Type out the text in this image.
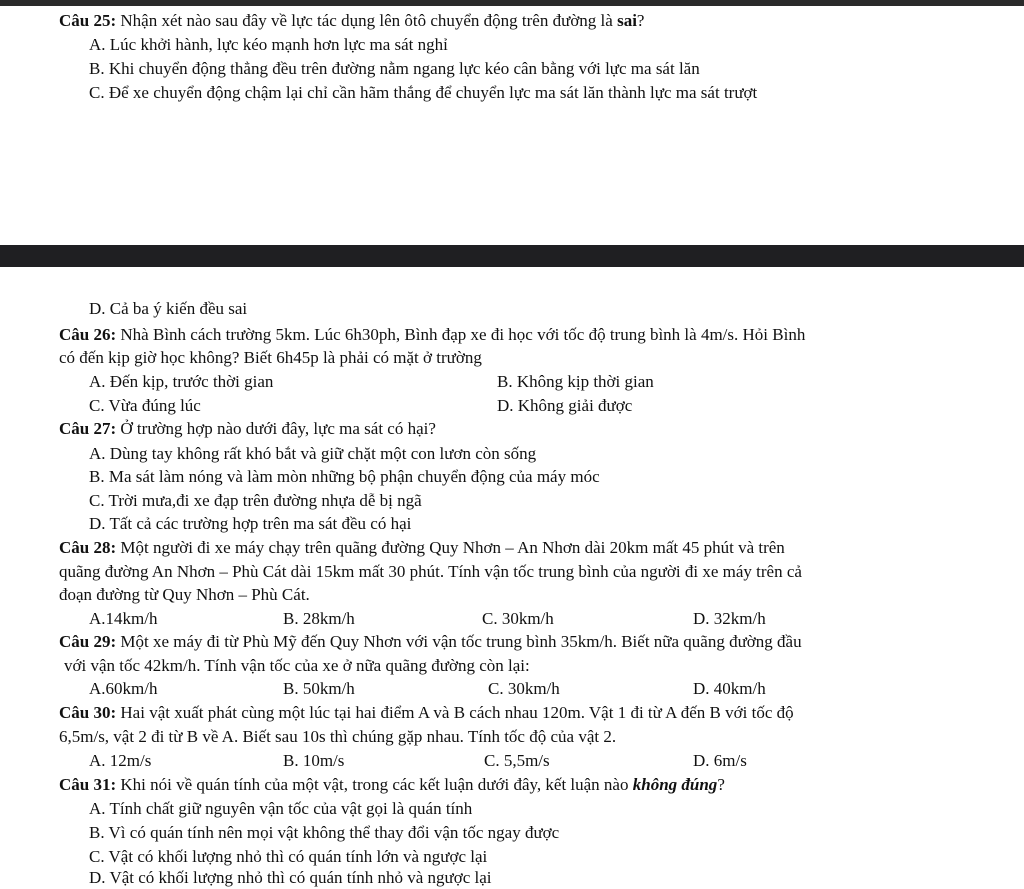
Câu 25: Nhận xét nào sau đây về lực tác dụng lên ôtô chuyển động trên đường là sai?
A. Lúc khởi hành, lực kéo mạnh hơn lực ma sát nghỉ
B. Khi chuyển động thẳng đều trên đường nằm ngang lực kéo cân bằng với lực ma sát lăn
C. Để xe chuyển động chậm lại chỉ cần hãm thắng để chuyển lực ma sát lăn thành lực ma sát trượt
D. Cả ba ý kiến đều sai
Câu 26: Nhà Bình cách trường 5km. Lúc 6h30ph, Bình đạp xe đi học với tốc độ trung bình là 4m/s. Hỏi Bình
có đến kịp giờ học không? Biết 6h45p là phải có mặt ở trường
A. Đến kịp, trước thời gian	B. Không kịp thời gian
C. Vừa đúng lúc	D. Không giải được
Câu 27: Ở trường hợp nào dưới đây, lực ma sát có hại?
A. Dùng tay không rất khó bắt và giữ chặt một con lươn còn sống
B. Ma sát làm nóng và làm mòn những bộ phận chuyển động của máy móc
C. Trời mưa,đi xe đạp trên đường nhựa dễ bị ngã
D. Tất cả các trường hợp trên ma sát đều có hại
Câu 28: Một người đi xe máy chạy trên quãng đường Quy Nhơn – An Nhơn dài 20km mất 45 phút và trên
quãng đường An Nhơn – Phù Cát dài 15km mất 30 phút. Tính vận tốc trung bình của người đi xe máy trên cả
đoạn đường từ Quy Nhơn – Phù Cát.
A.14km/h	B. 28km/h	C. 30km/h	D. 32km/h
Câu 29: Một xe máy đi từ Phù Mỹ đến Quy Nhơn với vận tốc trung bình 35km/h. Biết nữa quãng đường đầu
với vận tốc 42km/h. Tính vận tốc của xe ở nữa quãng đường còn lại:
A.60km/h	B. 50km/h	C. 30km/h	D. 40km/h
Câu 30: Hai vật xuất phát cùng một lúc tại hai điểm A và B cách nhau 120m. Vật 1 đi từ A đến B với tốc độ
6,5m/s, vật 2 đi từ B về A. Biết sau 10s thì chúng gặp nhau. Tính tốc độ của vật 2.
A. 12m/s	B. 10m/s	C. 5,5m/s	D. 6m/s
Câu 31: Khi nói về quán tính của một vật, trong các kết luận dưới đây, kết luận nào không đúng?
A. Tính chất giữ nguyên vận tốc của vật gọi là quán tính
B. Vì có quán tính nên mọi vật không thể thay đổi vận tốc ngay được
C. Vật có khối lượng nhỏ thì có quán tính lớn và ngược lại
D. Vật có khối lượng nhỏ thì có quán tính nhỏ và ngược lại
